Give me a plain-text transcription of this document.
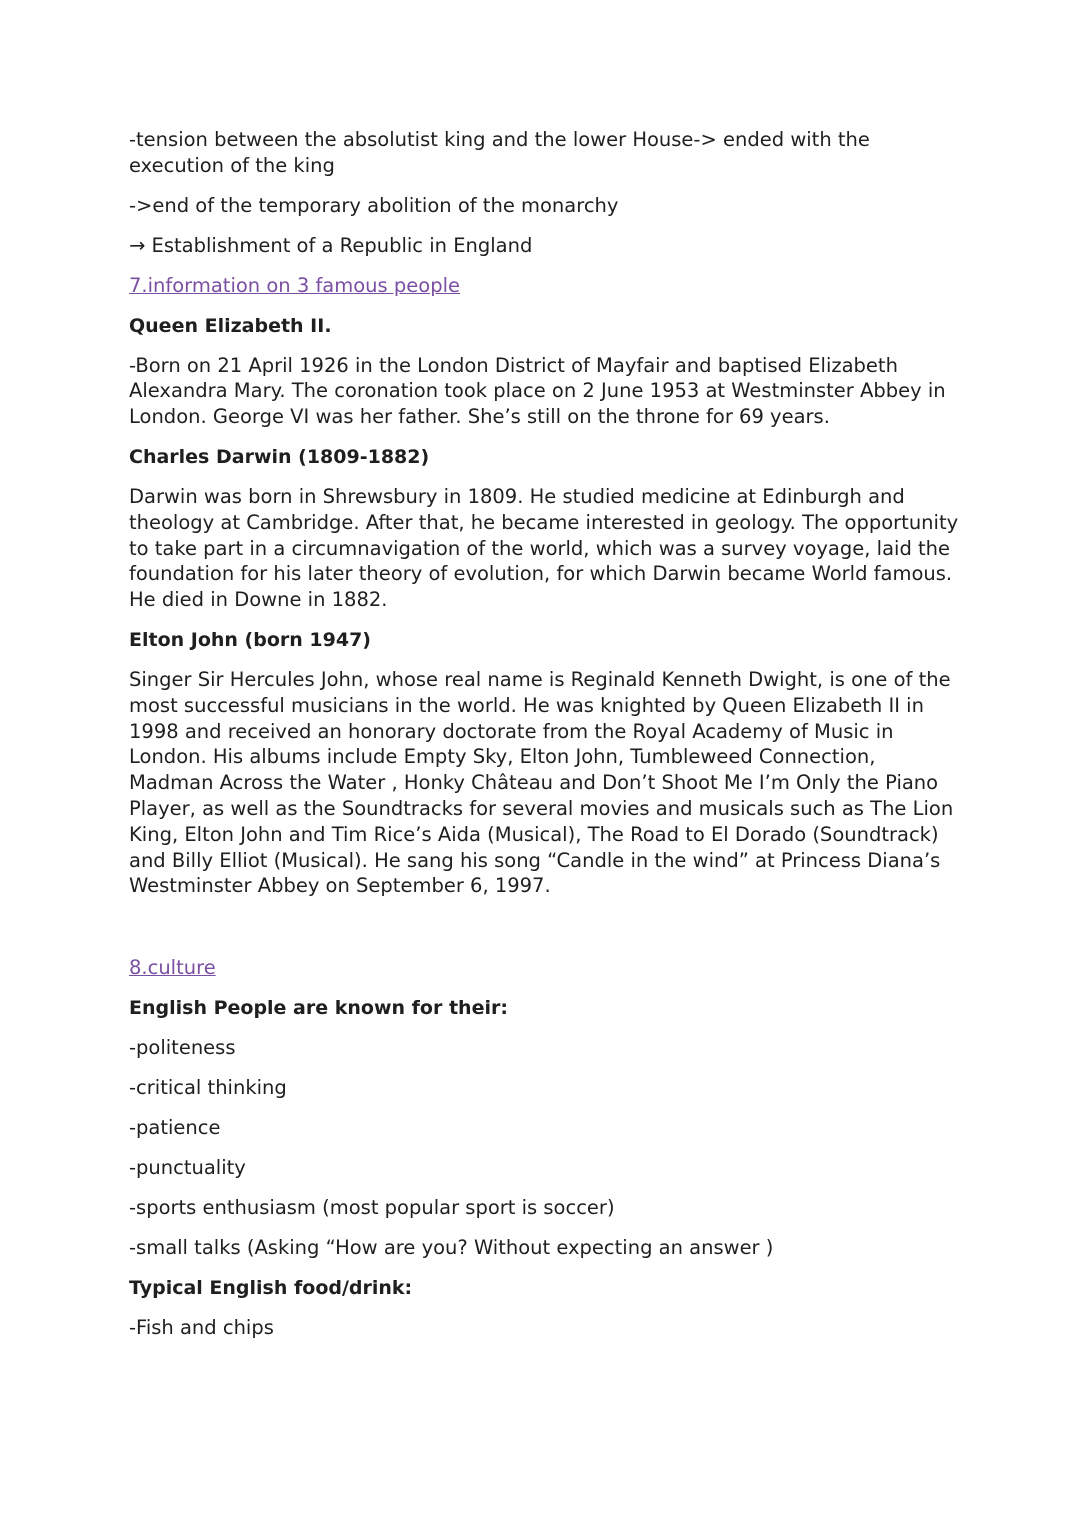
-tension between the absolutist king and the lower House-> ended with the execution of the king
->end of the temporary abolition of the monarchy
→ Establishment of a Republic in England
7.information on 3 famous people
Queen Elizabeth II.
-Born on 21 April 1926 in the London District of Mayfair and baptised Elizabeth Alexandra Mary. The coronation took place on 2 June 1953 at Westminster Abbey in London. George VI was her father. She’s still on the throne for 69 years.
Charles Darwin (1809-1882)
Darwin was born in Shrewsbury in 1809. He studied medicine at Edinburgh and theology at Cambridge. After that, he became interested in geology. The opportunity to take part in a circumnavigation of the world, which was a survey voyage, laid the foundation for his later theory of evolution, for which Darwin became World famous. He died in Downe in 1882.
Elton John (born 1947)
Singer Sir Hercules John, whose real name is Reginald Kenneth Dwight, is one of the most successful musicians in the world. He was knighted by Queen Elizabeth II in 1998 and received an honorary doctorate from the Royal Academy of Music in London. His albums include Empty Sky, Elton John, Tumbleweed Connection, Madman Across the Water , Honky Château and Don’t Shoot Me I’m Only the Piano Player, as well as the Soundtracks for several movies and musicals such as The Lion King, Elton John and Tim Rice’s Aida (Musical), The Road to El Dorado (Soundtrack) and Billy Elliot (Musical). He sang his song “Candle in the wind” at Princess Diana’s Westminster Abbey on September 6, 1997.
8.culture
English People are known for their:
-politeness
-critical thinking
-patience
-punctuality
-sports enthusiasm (most popular sport is soccer)
-small talks (Asking “How are you? Without expecting an answer )
Typical English food/drink:
-Fish and chips
